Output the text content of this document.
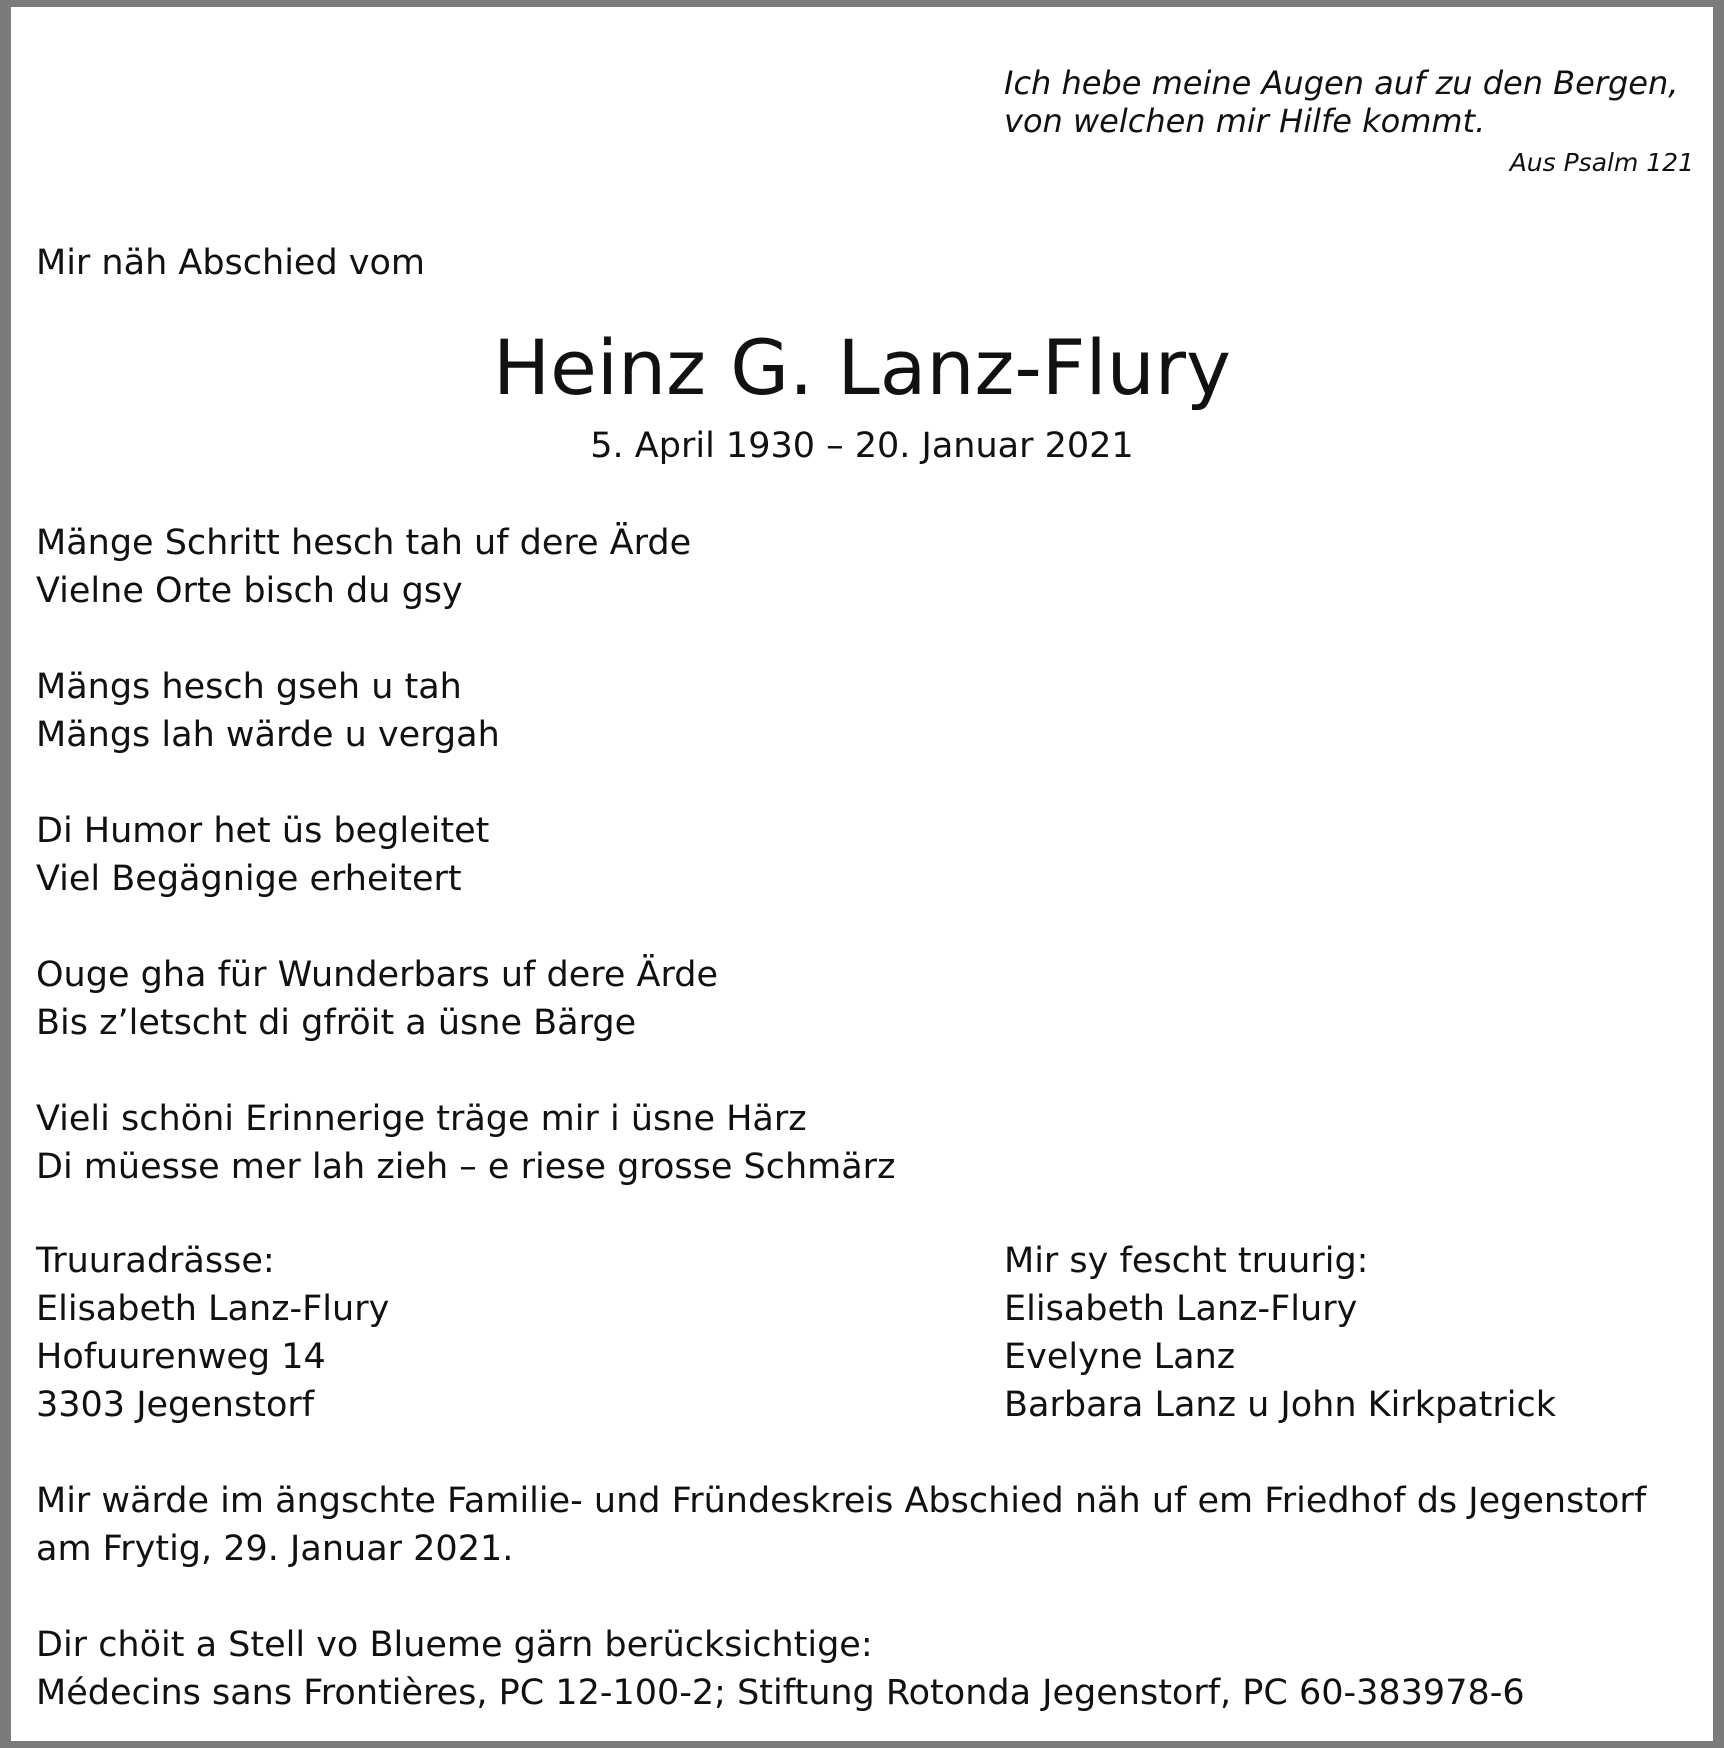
Ich hebe meine Augen auf zu den Bergen,
von welchen mir Hilfe kommt.
Aus Psalm 121
Mir näh Abschied vom
Heinz G. Lanz-Flury
5. April 1930 – 20. Januar 2021
Mänge Schritt hesch tah uf dere Ärde
Vielne Orte bisch du gsy
Mängs hesch gseh u tah
Mängs lah wärde u vergah
Di Humor het üs begleitet
Viel Begägnige erheitert
Ouge gha für Wunderbars uf dere Ärde
Bis z’letscht di gfröit a üsne Bärge
Vieli schöni Erinnerige träge mir i üsne Härz
Di müesse mer lah zieh – e riese grosse Schmärz
Truuradrässe:
Elisabeth Lanz-Flury
Hofuurenweg 14
3303 Jegenstorf
Mir sy fescht truurig:
Elisabeth Lanz-Flury
Evelyne Lanz
Barbara Lanz u John Kirkpatrick
Mir wärde im ängschte Familie- und Fründeskreis Abschied näh uf em Friedhof ds Jegenstorf
am Frytig, 29. Januar 2021.
Dir chöit a Stell vo Blueme gärn berücksichtige:
Médecins sans Frontières, PC 12-100-2; Stiftung Rotonda Jegenstorf, PC 60-383978-6
